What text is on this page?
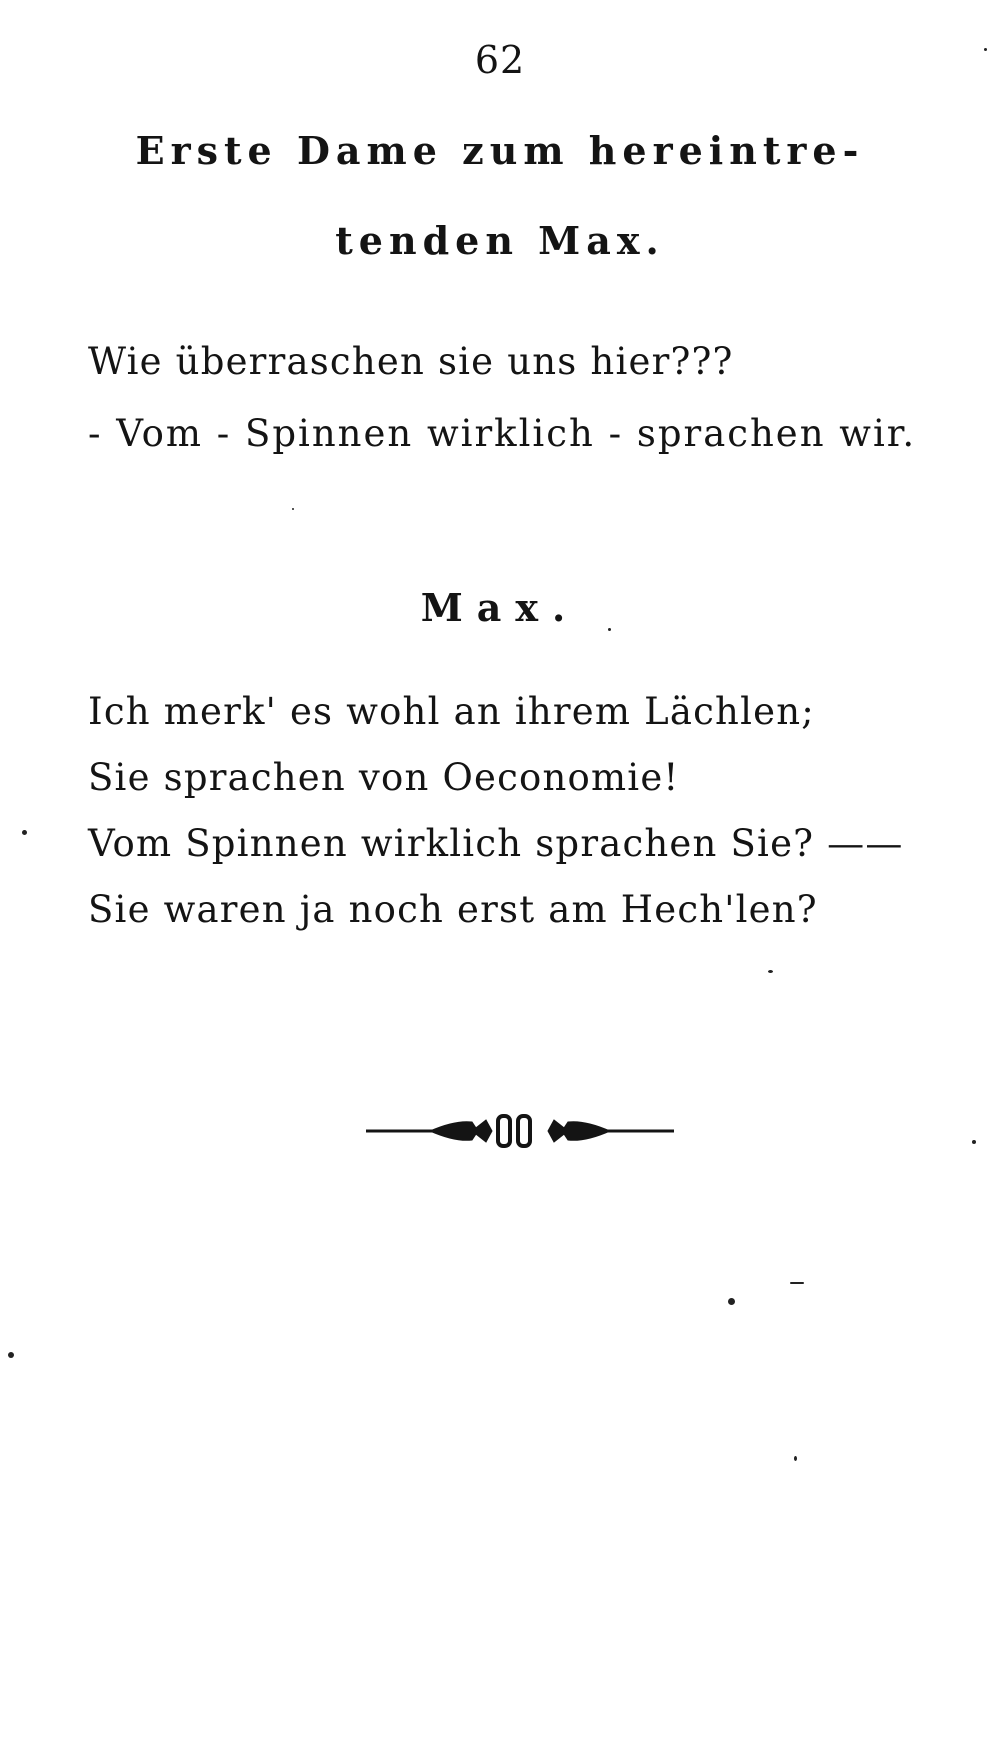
62
Erste Dame zum hereintre-
tenden Max.
Wie überraschen sie uns hier???
- Vom - Spinnen wirklich - sprachen wir.
Max.
Ich merk' es wohl an ihrem Lächlen;
Sie sprachen von Oeconomie!
Vom Spinnen wirklich sprachen Sie? ——
Sie waren ja noch erst am Hech'len?
